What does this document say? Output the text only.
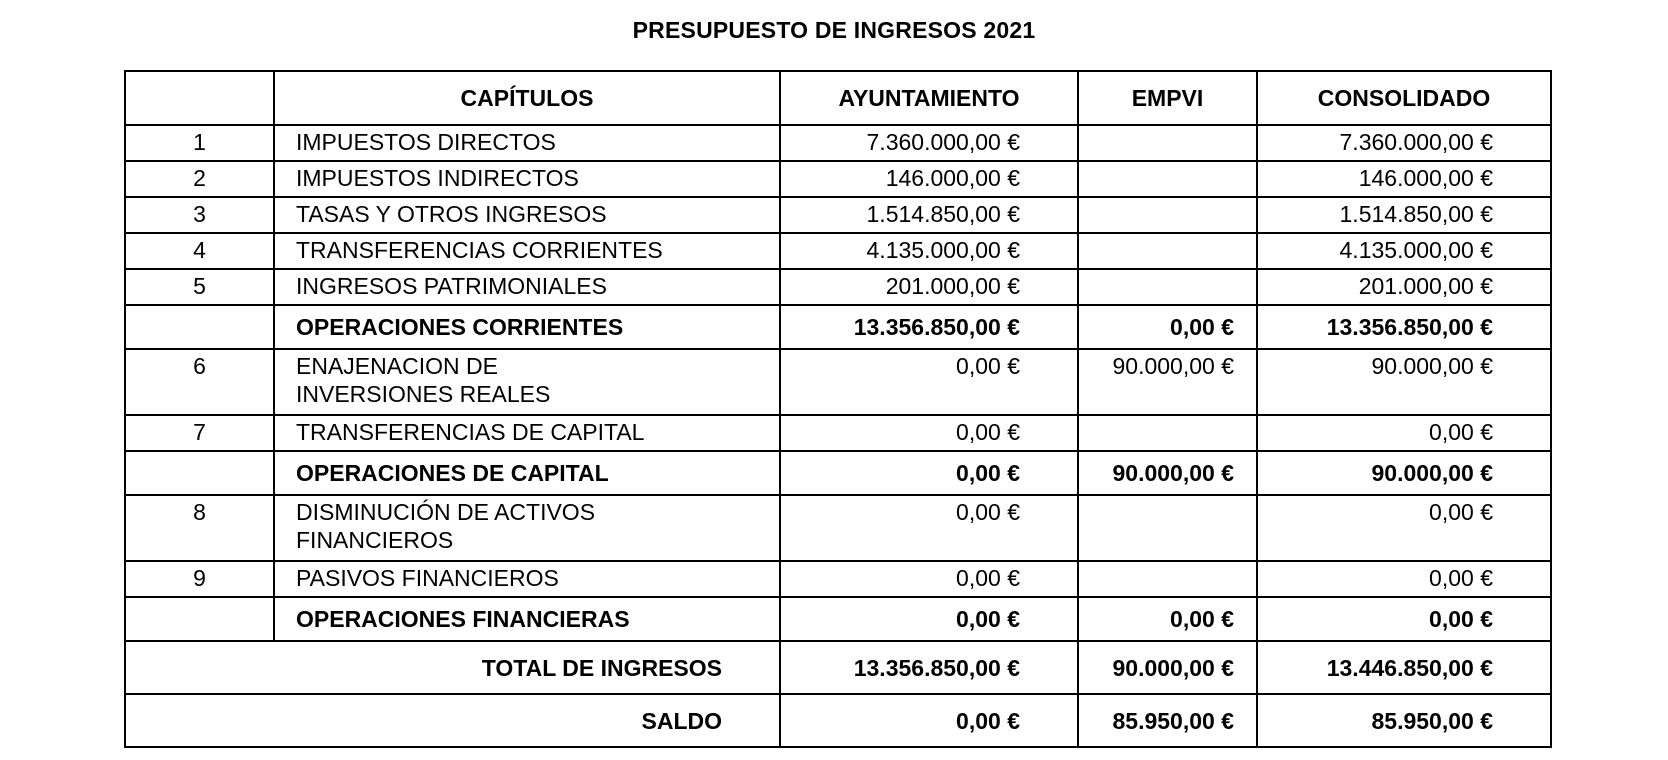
PRESUPUESTO DE INGRESOS 2021
	CAPÍTULOS	AYUNTAMIENTO	EMPVI	CONSOLIDADO
1	IMPUESTOS DIRECTOS	7.360.000,00 €		7.360.000,00 €
2	IMPUESTOS INDIRECTOS	146.000,00 €		146.000,00 €
3	TASAS Y OTROS INGRESOS	1.514.850,00 €		1.514.850,00 €
4	TRANSFERENCIAS CORRIENTES	4.135.000,00 €		4.135.000,00 €
5	INGRESOS PATRIMONIALES	201.000,00 €		201.000,00 €
	OPERACIONES CORRIENTES	13.356.850,00 €	0,00 €	13.356.850,00 €
6	ENAJENACION DE
INVERSIONES REALES	0,00 €	90.000,00 €	90.000,00 €
7	TRANSFERENCIAS DE CAPITAL	0,00 €		0,00 €
	OPERACIONES DE CAPITAL	0,00 €	90.000,00 €	90.000,00 €
8	DISMINUCIÓN DE ACTIVOS
FINANCIEROS	0,00 €		0,00 €
9	PASIVOS FINANCIEROS	0,00 €		0,00 €
	OPERACIONES FINANCIERAS	0,00 €	0,00 €	0,00 €
TOTAL DE INGRESOS		13.356.850,00 €	90.000,00 €	13.446.850,00 €
SALDO		0,00 €	85.950,00 €	85.950,00 €
